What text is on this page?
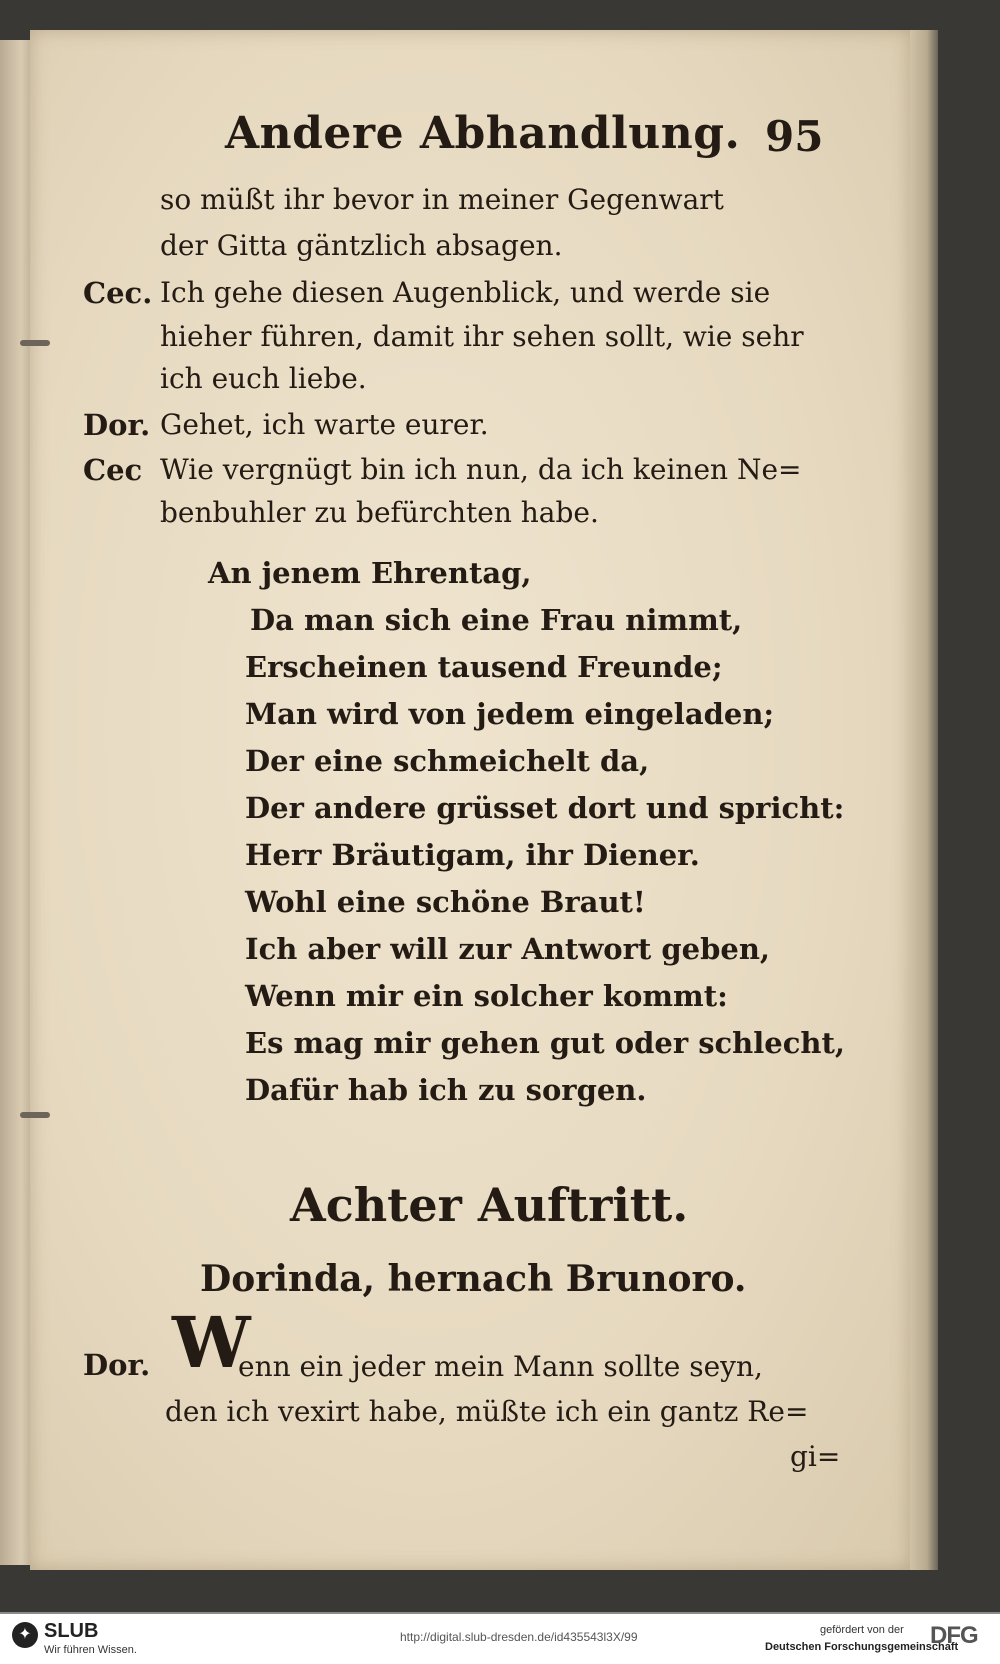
Andere Abhandlung. 95
so müßt ihr bevor in meiner Gegenwart
der Gitta gäntzlich absagen.
Cec. Ich gehe diesen Augenblick, und werde sie
hieher führen, damit ihr sehen sollt, wie sehr
ich euch liebe.
Dor. Gehet, ich warte eurer.
Cec Wie vergnügt bin ich nun, da ich keinen Ne=
benbuhler zu befürchten habe.
An jenem Ehrentag,
Da man sich eine Frau nimmt,
Erscheinen tausend Freunde;
Man wird von jedem eingeladen;
Der eine schmeichelt da,
Der andere grüsset dort und spricht:
Herr Bräutigam, ihr Diener.
Wohl eine schöne Braut!
Ich aber will zur Antwort geben,
Wenn mir ein solcher kommt:
Es mag mir gehen gut oder schlecht,
Dafür hab ich zu sorgen.
Achter Auftritt.
Dorinda, hernach Brunoro.
Dor. W
enn ein jeder mein Mann sollte seyn,
den ich vexirt habe, müßte ich ein gantz Re=
gi=
✦ SLUB
Wir führen Wissen.
http://digital.slub-dresden.de/id435543l3X/99	gefördert von der
Deutschen Forschungsgemeinschaft
DFG
